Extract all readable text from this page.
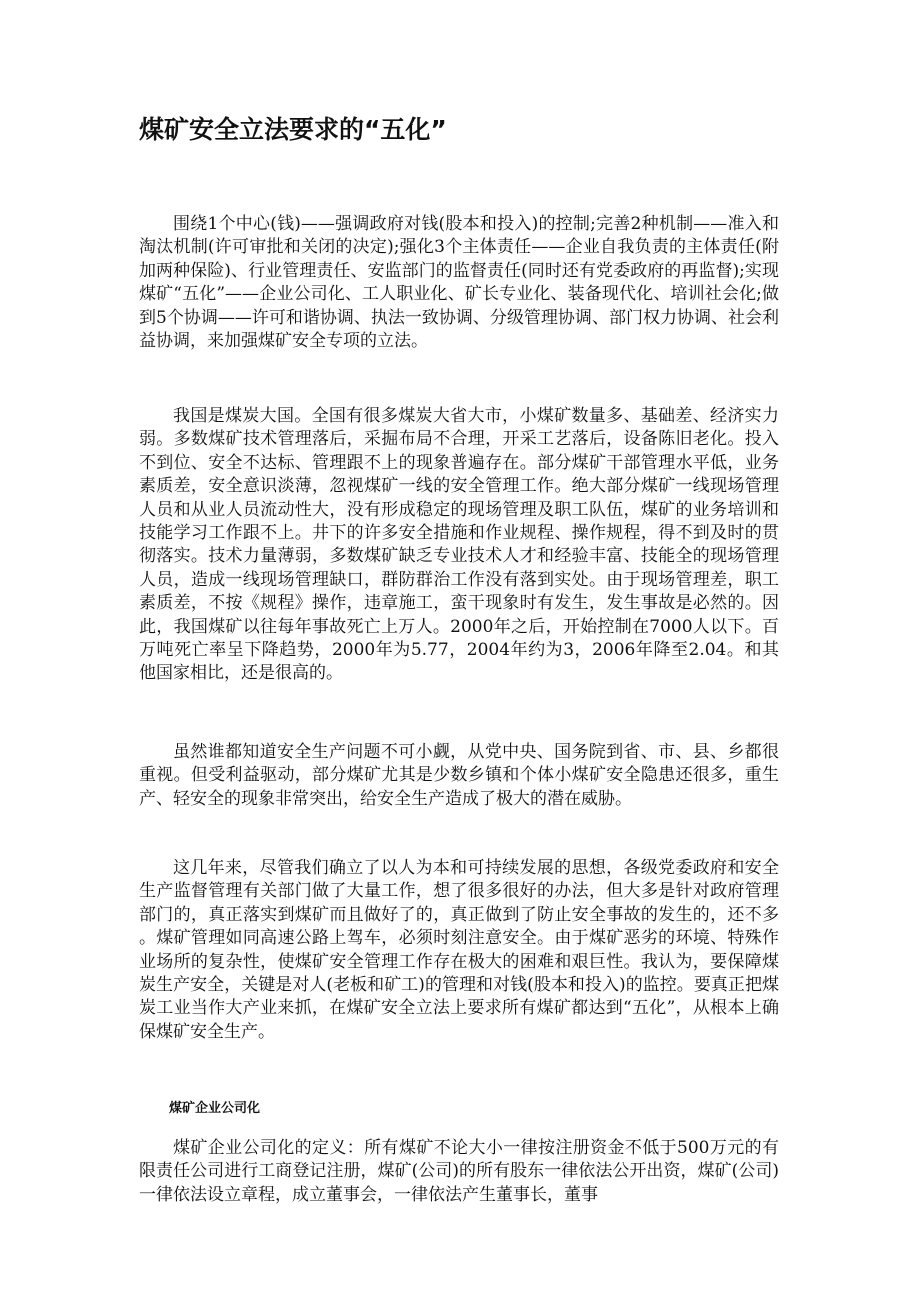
煤矿安全立法要求的“五化”

围绕1个中心(钱)——强调政府对钱(股本和投入)的控制;完善2种机制——准入和淘汰机制(许可审批和关闭的决定);强化3个主体责任——企业自我负责的主体责任(附加两种保险)、行业管理责任、安监部门的监督责任(同时还有党委政府的再监督);实现煤矿“五化”——企业公司化、工人职业化、矿长专业化、装备现代化、培训社会化;做到5个协调——许可和谐协调、执法一致协调、分级管理协调、部门权力协调、社会利益协调，来加强煤矿安全专项的立法。

我国是煤炭大国。全国有很多煤炭大省大市，小煤矿数量多、基础差、经济实力弱。多数煤矿技术管理落后，采掘布局不合理，开采工艺落后，设备陈旧老化。投入不到位、安全不达标、管理跟不上的现象普遍存在。部分煤矿干部管理水平低，业务素质差，安全意识淡薄，忽视煤矿一线的安全管理工作。绝大部分煤矿一线现场管理人员和从业人员流动性大，没有形成稳定的现场管理及职工队伍，煤矿的业务培训和技能学习工作跟不上。井下的许多安全措施和作业规程、操作规程，得不到及时的贯彻落实。技术力量薄弱，多数煤矿缺乏专业技术人才和经验丰富、技能全的现场管理人员，造成一线现场管理缺口，群防群治工作没有落到实处。由于现场管理差，职工素质差，不按《规程》操作，违章施工，蛮干现象时有发生，发生事故是必然的。因此，我国煤矿以往每年事故死亡上万人。2000年之后，开始控制在7000人以下。百万吨死亡率呈下降趋势，2000年为5.77，2004年约为3，2006年降至2.04。和其他国家相比，还是很高的。

虽然谁都知道安全生产问题不可小觑，从党中央、国务院到省、市、县、乡都很重视。但受利益驱动，部分煤矿尤其是少数乡镇和个体小煤矿安全隐患还很多，重生产、轻安全的现象非常突出，给安全生产造成了极大的潜在威胁。

这几年来，尽管我们确立了以人为本和可持续发展的思想，各级党委政府和安全生产监督管理有关部门做了大量工作，想了很多很好的办法，但大多是针对政府管理部门的，真正落实到煤矿而且做好了的，真正做到了防止安全事故的发生的，还不多。煤矿管理如同高速公路上驾车，必须时刻注意安全。由于煤矿恶劣的环境、特殊作业场所的复杂性，使煤矿安全管理工作存在极大的困难和艰巨性。我认为，要保障煤炭生产安全，关键是对人(老板和矿工)的管理和对钱(股本和投入)的监控。要真正把煤炭工业当作大产业来抓，在煤矿安全立法上要求所有煤矿都达到“五化”，从根本上确保煤矿安全生产。

煤矿企业公司化

煤矿企业公司化的定义：所有煤矿不论大小一律按注册资金不低于500万元的有限责任公司进行工商登记注册，煤矿(公司)的所有股东一律依法公开出资，煤矿(公司)一律依法设立章程，成立董事会，一律依法产生董事长，董事
